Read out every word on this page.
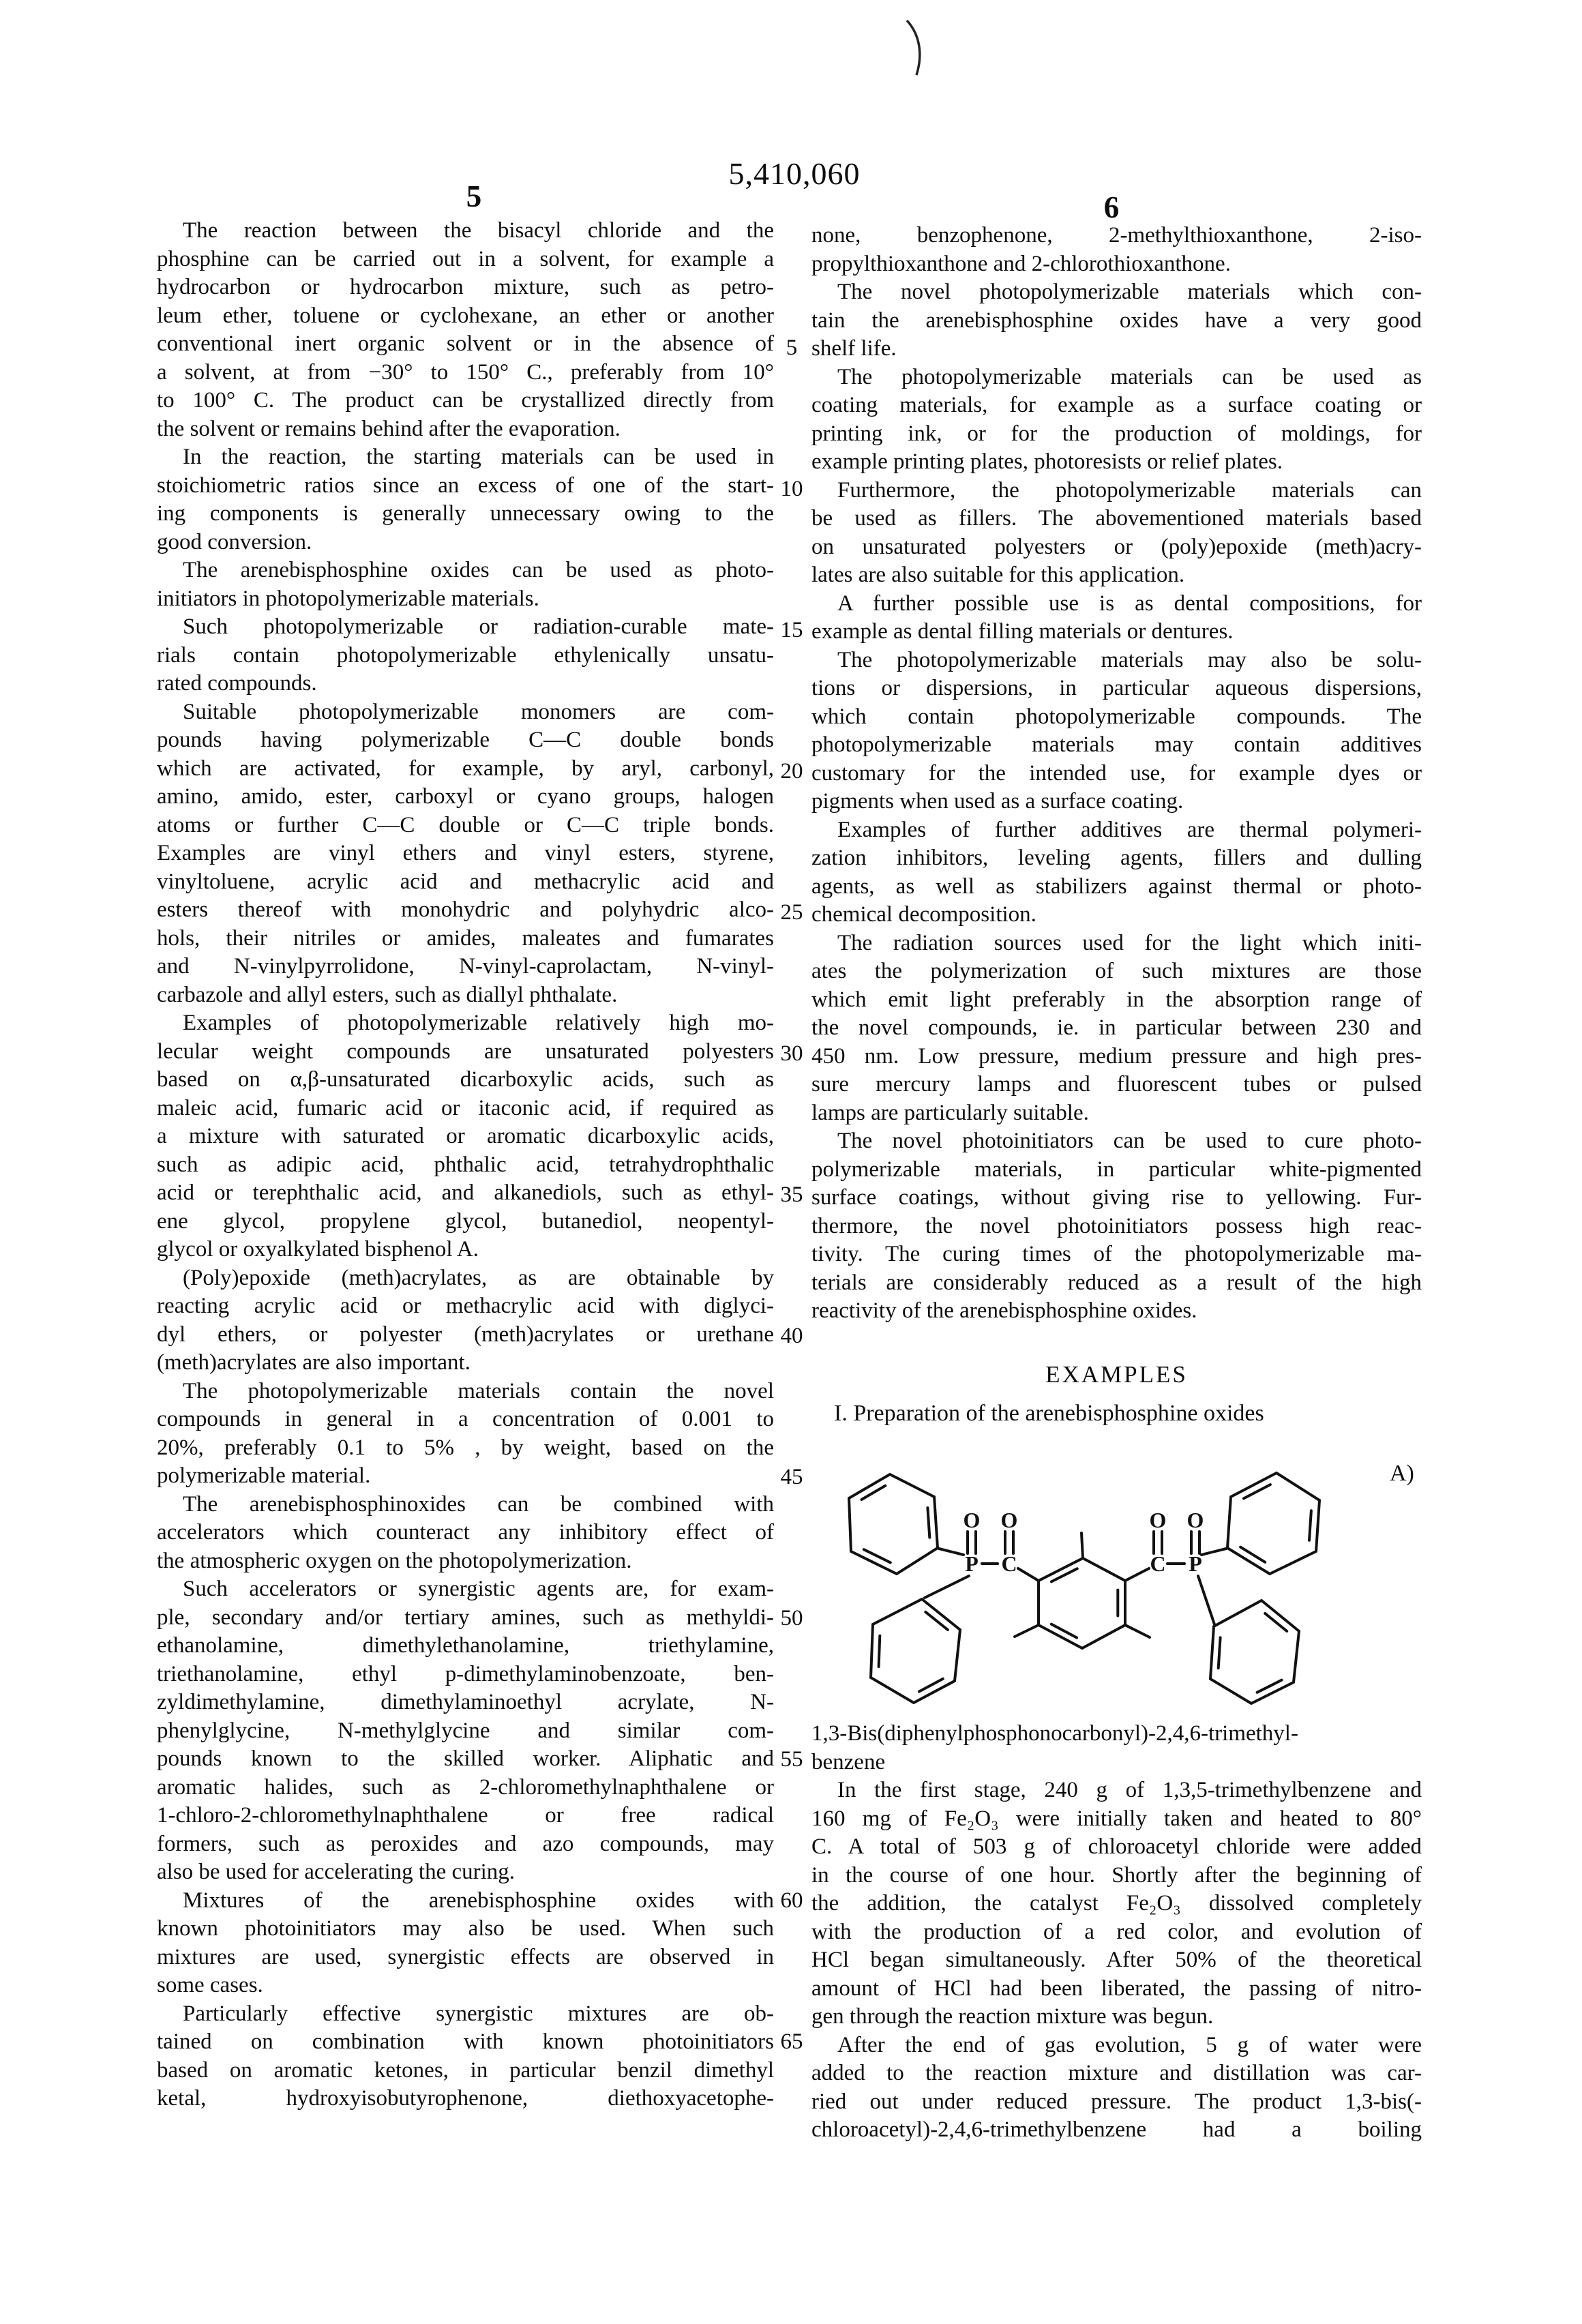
5,410,060
5	6
5
10
15
20
25
30
35
40
45
50
55
60
65
The reaction between the bisacyl chloride and the
phosphine can be carried out in a solvent, for example a
hydrocarbon or hydrocarbon mixture, such as petro-
leum ether, toluene or cyclohexane, an ether or another
conventional inert organic solvent or in the absence of
a solvent, at from −30° to 150° C., preferably from 10°
to 100° C. The product can be crystallized directly from
the solvent or remains behind after the evaporation.
In the reaction, the starting materials can be used in
stoichiometric ratios since an excess of one of the start-
ing components is generally unnecessary owing to the
good conversion.
The arenebisphosphine oxides can be used as photo-
initiators in photopolymerizable materials.
Such photopolymerizable or radiation-curable mate-
rials contain photopolymerizable ethylenically unsatu-
rated compounds.
Suitable photopolymerizable monomers are com-
pounds having polymerizable C—C double bonds
which are activated, for example, by aryl, carbonyl,
amino, amido, ester, carboxyl or cyano groups, halogen
atoms or further C—C double or C—C triple bonds.
Examples are vinyl ethers and vinyl esters, styrene,
vinyltoluene, acrylic acid and methacrylic acid and
esters thereof with monohydric and polyhydric alco-
hols, their nitriles or amides, maleates and fumarates
and N-vinylpyrrolidone, N-vinyl-caprolactam, N-vinyl-
carbazole and allyl esters, such as diallyl phthalate.
Examples of photopolymerizable relatively high mo-
lecular weight compounds are unsaturated polyesters
based on α,β-unsaturated dicarboxylic acids, such as
maleic acid, fumaric acid or itaconic acid, if required as
a mixture with saturated or aromatic dicarboxylic acids,
such as adipic acid, phthalic acid, tetrahydrophthalic
acid or terephthalic acid, and alkanediols, such as ethyl-
ene glycol, propylene glycol, butanediol, neopentyl-
glycol or oxyalkylated bisphenol A.
(Poly)epoxide (meth)acrylates, as are obtainable by
reacting acrylic acid or methacrylic acid with diglyci-
dyl ethers, or polyester (meth)acrylates or urethane
(meth)acrylates are also important.
The photopolymerizable materials contain the novel
compounds in general in a concentration of 0.001 to
20%, preferably 0.1 to 5% , by weight, based on the
polymerizable material.
The arenebisphosphinoxides can be combined with
accelerators which counteract any inhibitory effect of
the atmospheric oxygen on the photopolymerization.
Such accelerators or synergistic agents are, for exam-
ple, secondary and/or tertiary amines, such as methyldi-
ethanolamine, dimethylethanolamine, triethylamine,
triethanolamine, ethyl p-dimethylaminobenzoate, ben-
zyldimethylamine, dimethylaminoethyl acrylate, N-
phenylglycine, N-methylglycine and similar com-
pounds known to the skilled worker. Aliphatic and
aromatic halides, such as 2-chloromethylnaphthalene or
1-chloro-2-chloromethylnaphthalene or free radical
formers, such as peroxides and azo compounds, may
also be used for accelerating the curing.
Mixtures of the arenebisphosphine oxides with
known photoinitiators may also be used. When such
mixtures are used, synergistic effects are observed in
some cases.
Particularly effective synergistic mixtures are ob-
tained on combination with known photoinitiators
based on aromatic ketones, in particular benzil dimethyl
ketal, hydroxyisobutyrophenone, diethoxyacetophe-
none, benzophenone, 2-methylthioxanthone, 2-iso-
propylthioxanthone and 2-chlorothioxanthone.
The novel photopolymerizable materials which con-
tain the arenebisphosphine oxides have a very good
shelf life.
The photopolymerizable materials can be used as
coating materials, for example as a surface coating or
printing ink, or for the production of moldings, for
example printing plates, photoresists or relief plates.
Furthermore, the photopolymerizable materials can
be used as fillers. The abovementioned materials based
on unsaturated polyesters or (poly)epoxide (meth)acry-
lates are also suitable for this application.
A further possible use is as dental compositions, for
example as dental filling materials or dentures.
The photopolymerizable materials may also be solu-
tions or dispersions, in particular aqueous dispersions,
which contain photopolymerizable compounds. The
photopolymerizable materials may contain additives
customary for the intended use, for example dyes or
pigments when used as a surface coating.
Examples of further additives are thermal polymeri-
zation inhibitors, leveling agents, fillers and dulling
agents, as well as stabilizers against thermal or photo-
chemical decomposition.
The radiation sources used for the light which initi-
ates the polymerization of such mixtures are those
which emit light preferably in the absorption range of
the novel compounds, ie. in particular between 230 and
450 nm. Low pressure, medium pressure and high pres-
sure mercury lamps and fluorescent tubes or pulsed
lamps are particularly suitable.
The novel photoinitiators can be used to cure photo-
polymerizable materials, in particular white-pigmented
surface coatings, without giving rise to yellowing. Fur-
thermore, the novel photoinitiators possess high reac-
tivity. The curing times of the photopolymerizable ma-
terials are considerably reduced as a result of the high
reactivity of the arenebisphosphine oxides.
EXAMPLES
I. Preparation of the arenebisphosphine oxides
O O	O O
P	P
C	C
A)
1,3-Bis(diphenylphosphonocarbonyl)-2,4,6-trimethyl-
benzene
In the first stage, 240 g of 1,3,5-trimethylbenzene and
160 mg of Fe₂O₃ were initially taken and heated to 80°
C. A total of 503 g of chloroacetyl chloride were added
in the course of one hour. Shortly after the beginning of
the addition, the catalyst Fe₂O₃ dissolved completely
with the production of a red color, and evolution of
HCl began simultaneously. After 50% of the theoretical
amount of HCl had been liberated, the passing of nitro-
gen through the reaction mixture was begun.
After the end of gas evolution, 5 g of water were
added to the reaction mixture and distillation was car-
ried out under reduced pressure. The product 1,3-bis(-
chloroacetyl)-2,4,6-trimethylbenzene had a boiling
